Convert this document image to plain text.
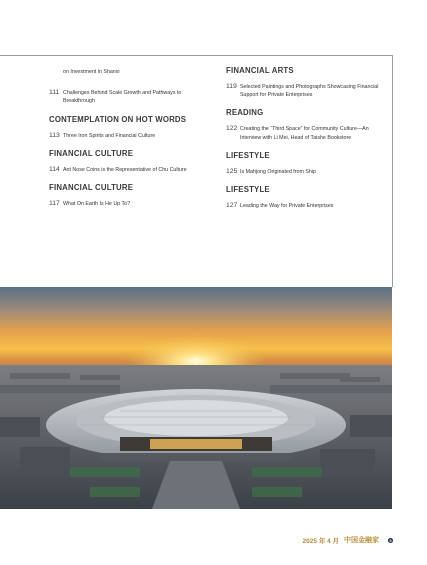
on Investment in Shanxi
111 Challenges Behind Scale Growth and Pathways to Breakthrough
CONTEMPLATION ON HOT WORDS
113 Three Iron Spirits and Financial Culture
FINANCIAL CULTURE
114 Ant Nose Coins is the Representative of Chu Culture
FINANCIAL CULTURE
117 What On Earth Is He Up To?
FINANCIAL ARTS
119 Selected Paintings and Photographs Showcasing Financial Support for Private Enterprises
READING
122 Creating the “Third Space” for Community Culture—An Interview with Li Mei, Head of Taishe Bookstore
LIFESTYLE
125 Is Mahjong Originated from Ship
LIFESTYLE
127 Leading the Way for Private Enterprises
2025 年 4 月 中国金融家	9
